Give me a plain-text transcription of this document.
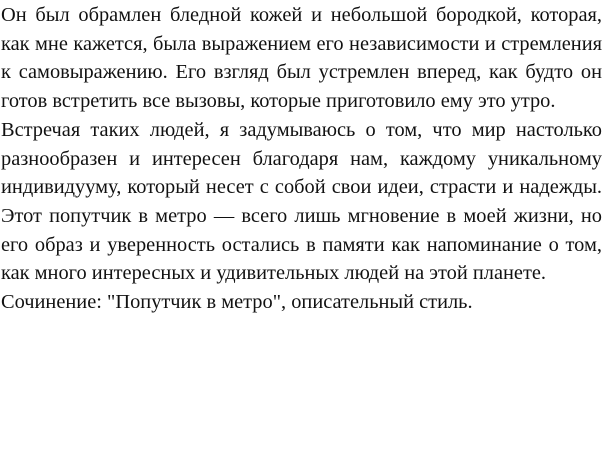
Он был обрамлен бледной кожей и небольшой бородкой, которая, как мне кажется, была выражением его независимости и стремления к самовыражению. Его взгляд был устремлен вперед, как будто он готов встретить все вызовы, которые приготовило ему это утро.

Встречая таких людей, я задумываюсь о том, что мир настолько разнообразен и интересен благодаря нам, каждому уникальному индивидууму, который несет с собой свои идеи, страсти и надежды. Этот попутчик в метро — всего лишь мгновение в моей жизни, но его образ и уверенность остались в памяти как напоминание о том, как много интересных и удивительных людей на этой планете.

Сочинение: "Попутчик в метро", описательный стиль.
